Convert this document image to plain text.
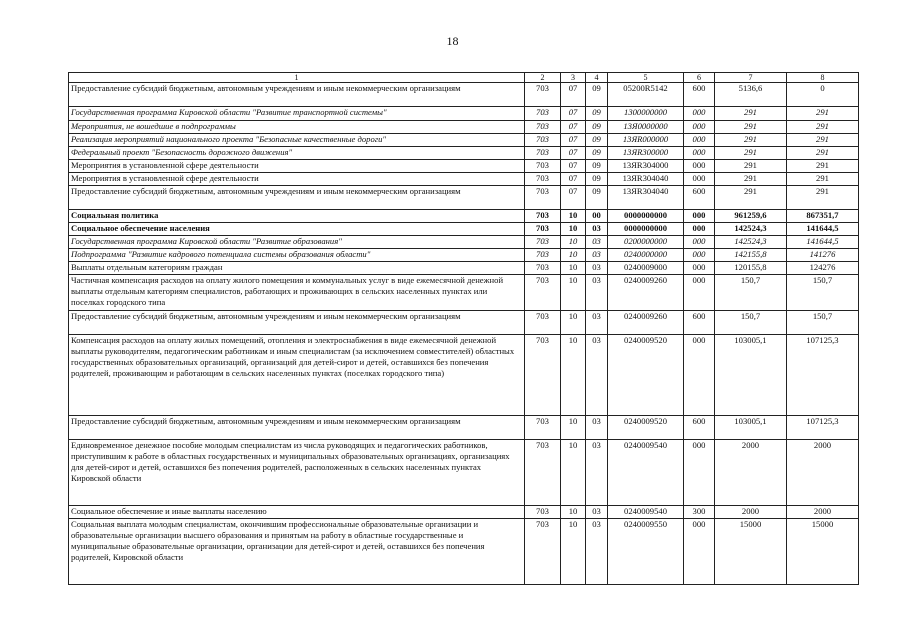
18
1	2	3	4	5	6	7	8
Предоставление субсидий бюджетным, автономным учреждениям и иным некоммерческим организациям	703	07	09	05200R5142	600	5136,6	0
Государственная программа Кировской области "Развитие транспортной системы"	703	07	09	1300000000	000	291	291
Мероприятия, не вошедшие в подпрограммы	703	07	09	13Я0000000	000	291	291
Реализация мероприятий национального проекта "Безопасные качественные дороги"	703	07	09	13ЯR000000	000	291	291
Федеральный проект "Безопасность дорожного движения"	703	07	09	13ЯR300000	000	291	291
Мероприятия в установленной сфере деятельности	703	07	09	13ЯR304000	000	291	291
Мероприятия в установленной сфере деятельности	703	07	09	13ЯR304040	000	291	291
Предоставление субсидий бюджетным, автономным учреждениям и иным некоммерческим организациям	703	07	09	13ЯR304040	600	291	291
Социальная политика	703	10	00	0000000000	000	961259,6	867351,7
Социальное обеспечение населения	703	10	03	0000000000	000	142524,3	141644,5
Государственная программа Кировской области "Развитие образования"	703	10	03	0200000000	000	142524,3	141644,5
Подпрограмма "Развитие кадрового потенциала системы образования области"	703	10	03	0240000000	000	142155,8	141276
Выплаты отдельным категориям граждан	703	10	03	0240009000	000	120155,8	124276
Частичная компенсация расходов на оплату жилого помещения и коммунальных услуг в виде ежемесячной денежной выплаты отдельным категориям специалистов, работающих и проживающих в сельских населенных пунктах или поселках городского типа	703	10	03	0240009260	000	150,7	150,7
Предоставление субсидий бюджетным, автономным учреждениям и иным некоммерческим организациям	703	10	03	0240009260	600	150,7	150,7
Компенсация расходов на оплату жилых помещений, отопления и электроснабжения в виде ежемесячной денежной выплаты руководителям, педагогическим работникам и иным специалистам (за исключением совместителей) областных государственных образовательных организаций, организаций для детей-сирот и детей, оставшихся без попечения родителей, проживающим и работающим в сельских населенных пунктах (поселках городского типа)	703	10	03	0240009520	000	103005,1	107125,3
Предоставление субсидий бюджетным, автономным учреждениям и иным некоммерческим организациям	703	10	03	0240009520	600	103005,1	107125,3
Единовременное денежное пособие молодым специалистам из числа руководящих и педагогических работников, приступившим к работе в областных государственных и муниципальных образовательных организациях, организациях для детей-сирот и детей, оставшихся без попечения родителей, расположенных в сельских населенных пунктах Кировской области	703	10	03	0240009540	000	2000	2000
Социальное обеспечение и иные выплаты населению	703	10	03	0240009540	300	2000	2000
Социальная выплата молодым специалистам, окончившим профессиональные образовательные организации и образовательные организации высшего образования и принятым на работу в областные государственные и муниципальные образовательные организации, организации для детей-сирот и детей, оставшихся без попечения родителей, Кировской области	703	10	03	0240009550	000	15000	15000
